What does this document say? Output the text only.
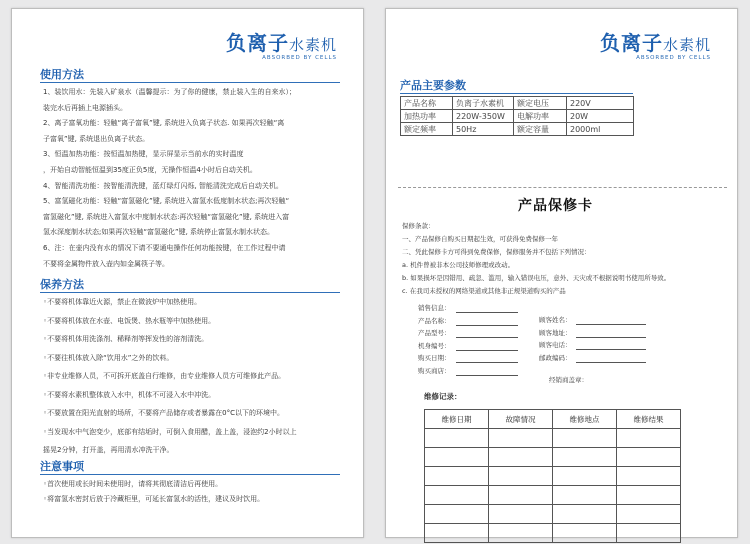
负离子水素机
ABSORBED BY CELLS
使用方法
1、装饮用水：先装入矿泉水（温馨提示：为了你的健康，禁止装入生的自来水）；
装完水后再插上电源插头。
2、离子富氧功能：轻触“离子富氧”键, 系统进入负离子状态. 如果再次轻触“离
子富氧”键, 系统退出负离子状态。
3、恒温加热功能：按恒温加热键，显示屏显示当前水的实时温度
，开始自动智能恒温到35度正负5度，无操作恒温4小时后自动关机。
4、智能清洗功能：按智能清洗键，蓝灯绿灯闪烁, 智能清洗完成后自动关机。
5、富氢磁化功能：轻触“富氢磁化”键, 系统进入富氢水低度制水状态;再次轻触“
富氢磁化”键, 系统进入富氢水中度制水状态:再次轻触“富氢磁化”键, 系统进入富
氢水深度制水状态;如果再次轻触“富氢磁化”键, 系统停止富氢水制水状态。
6、注：在壶内没有水的情况下请不要通电操作任何功能按键，在工作过程中请
不要将金属物件放入壶内如金属筷子等。
保养方法
◦不要将机体靠近火源，禁止在微波炉中加热使用。
◦不要将机体放在水壶、电饭煲、热水瓶等中加热使用。
◦不要将机体用洗涤剂、稀释剂等挥发性的溶剂清洗。
◦不要往机体放入除“饮用水”之外的饮料。
◦非专业维修人员，不可拆开底盖自行维修，由专业维修人员方可维修此产品。
◦不要将水素机整体放入水中，机体不可浸入水中冲洗。
◦不要放置在阳光直射的场所，不要将产品储存或者暴露在0°C以下的环境中。
◦当发现水中气泡变少，底部有结垢时，可倒入食用醋，盖上盖，浸泡约2小时以上
摇晃2分钟，打开盖，再用清水冲洗干净。
注意事项
◦首次使用或长时间未使用时，请将其彻底清洁后再使用。
◦将富氢水密封后放于冷藏柜里，可延长富氢水的活性，建议及时饮用。
负离子水素机
ABSORBED BY CELLS
产品主要参数
产品名称	负离子水素机	额定电压	220V
加热功率	220W-350W	电解功率	20W
额定频率	50Hz	额定容量	2000ml
产品保修卡
保修条款：
一、产品保修自购买日期起生效，可获得免费保修一年
二、凭此保修卡方可得到免费保修，保修服务并不包括下列情况：
a. 机件曾被非本公司技师修理或改动。
b. 如果损坏是因错用、疏忽、滥用，输入错误电压，意外、天灾或不根据说明书使用所导致。
c. 在我司未授权的网络渠道或其他非正规渠道购买的产品
销售信息：
产品名称：
产品型号：
机身编号：
购买日期：
购买商店：
顾客姓名：
顾客地址：
顾客电话：
邮政编码：
经销商盖章：
维修记录：
维修日期	故障情况	维修地点	维修结果
